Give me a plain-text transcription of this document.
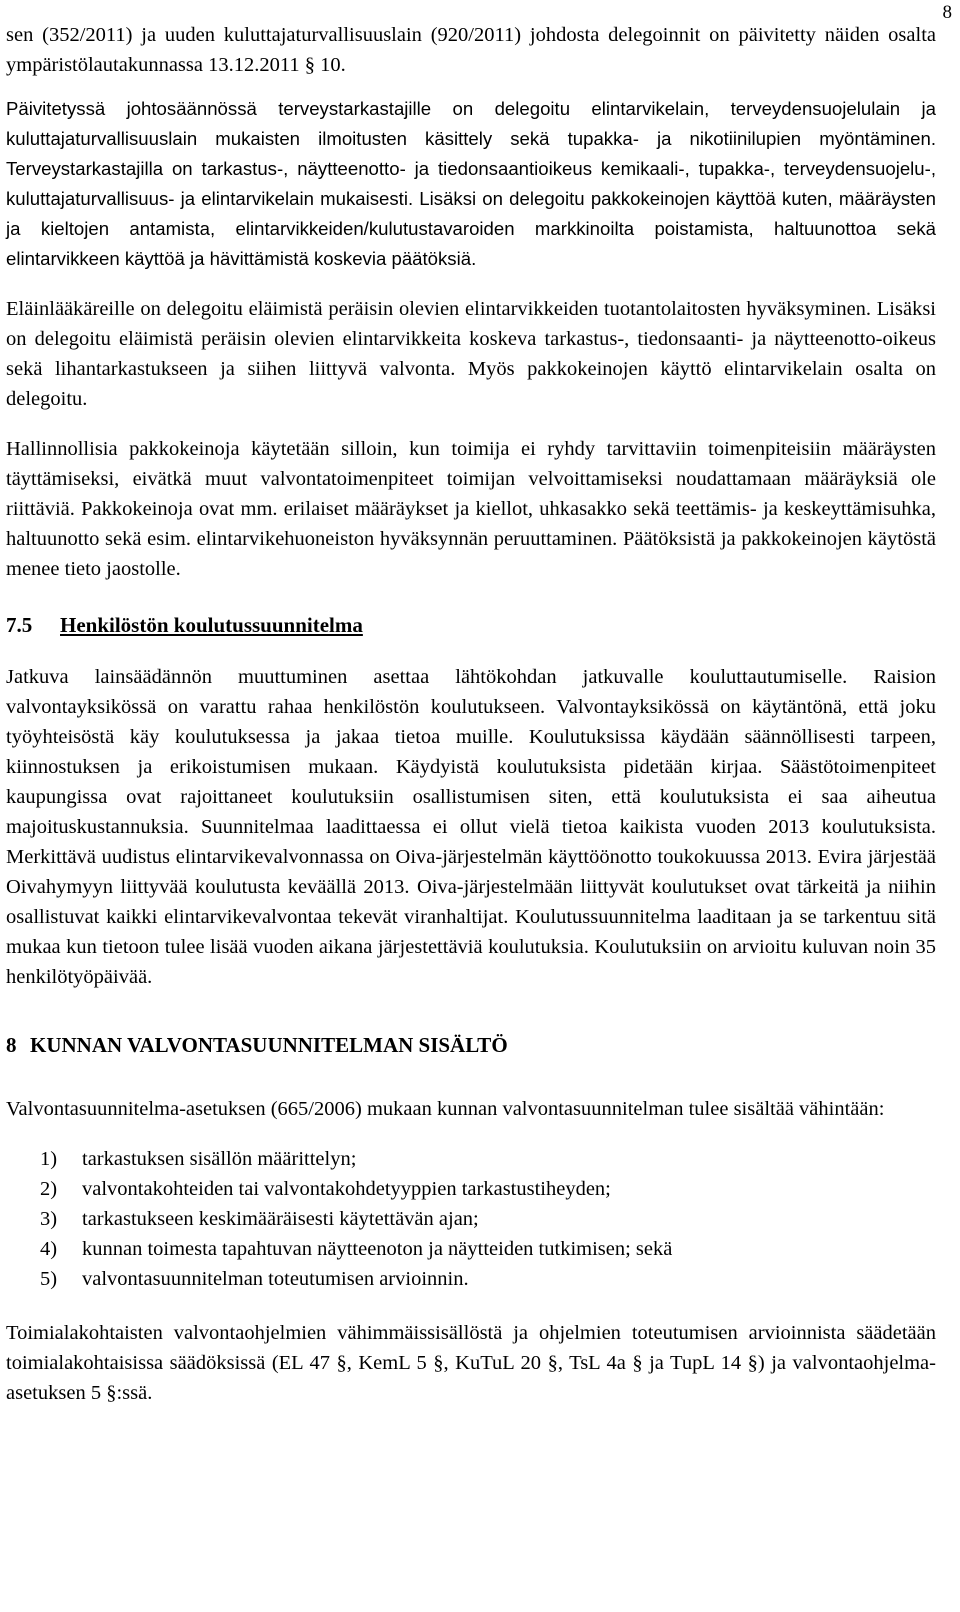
8

sen (352/2011) ja uuden kuluttajaturvallisuuslain (920/2011) johdosta delegoinnit on päivitetty näiden osalta ympäristölautakunnassa 13.12.2011 § 10.

Päivitetyssä johtosäännössä terveystarkastajille on delegoitu elintarvikelain, terveydensuojelulain ja kuluttajaturvallisuuslain mukaisten ilmoitusten käsittely sekä tupakka- ja nikotiinilupien myöntäminen. Terveystarkastajilla on tarkastus-, näytteenotto- ja tiedonsaantioikeus kemikaali-, tupakka-, terveydensuojelu-, kuluttajaturvallisuus- ja elintarvikelain mukaisesti. Lisäksi on delegoitu pakkokeinojen käyttöä kuten, määräysten ja kieltojen antamista, elintarvikkeiden/kulutustavaroiden markkinoilta poistamista, haltuunottoa sekä elintarvikkeen käyttöä ja hävittämistä koskevia päätöksiä.

Eläinlääkäreille on delegoitu eläimistä peräisin olevien elintarvikkeiden tuotantolaitosten hyväksyminen. Lisäksi on delegoitu eläimistä peräisin olevien elintarvikkeita koskeva tarkastus-, tiedonsaanti- ja näytteenotto-oikeus sekä lihantarkastukseen ja siihen liittyvä valvonta. Myös pakkokeinojen käyttö elintarvikelain osalta on delegoitu.

Hallinnollisia pakkokeinoja käytetään silloin, kun toimija ei ryhdy tarvittaviin toimenpiteisiin määräysten täyttämiseksi, eivätkä muut valvontatoimenpiteet toimijan velvoittamiseksi noudattamaan määräyksiä ole riittäviä. Pakkokeinoja ovat mm. erilaiset määräykset ja kiellot, uhkasakko sekä teettämis- ja keskeyttämisuhka, haltuunotto sekä esim. elintarvikehuoneiston hyväksynnän peruuttaminen. Päätöksistä ja pakkokeinojen käytöstä menee tieto jaostolle.

7.5 Henkilöstön koulutussuunnitelma

Jatkuva lainsäädännön muuttuminen asettaa lähtökohdan jatkuvalle kouluttautumiselle. Raision valvontayksikössä on varattu rahaa henkilöstön koulutukseen. Valvontayksikössä on käytäntönä, että joku työyhteisöstä käy koulutuksessa ja jakaa tietoa muille. Koulutuksissa käydään säännöllisesti tarpeen, kiinnostuksen ja erikoistumisen mukaan. Käydyistä koulutuksista pidetään kirjaa. Säästötoimenpiteet kaupungissa ovat rajoittaneet koulutuksiin osallistumisen siten, että koulutuksista ei saa aiheutua majoituskustannuksia. Suunnitelmaa laadittaessa ei ollut vielä tietoa kaikista vuoden 2013 koulutuksista. Merkittävä uudistus elintarvikevalvonnassa on Oiva-järjestelmän käyttöönotto toukokuussa 2013. Evira järjestää Oivahymyyn liittyvää koulutusta keväällä 2013. Oiva-järjestelmään liittyvät koulutukset ovat tärkeitä ja niihin osallistuvat kaikki elintarvikevalvontaa tekevät viranhaltijat. Koulutussuunnitelma laaditaan ja se tarkentuu sitä mukaa kun tietoon tulee lisää vuoden aikana järjestettäviä koulutuksia. Koulutuksiin on arvioitu kuluvan noin 35 henkilötyöpäivää.

8 KUNNAN VALVONTASUUNNITELMAN SISÄLTÖ

Valvontasuunnitelma-asetuksen (665/2006) mukaan kunnan valvontasuunnitelman tulee sisältää vähintään:

1)	tarkastuksen sisällön määrittelyn;
2)	valvontakohteiden tai valvontakohdetyyppien tarkastustiheyden;
3)	tarkastukseen keskimääräisesti käytettävän ajan;
4)	kunnan toimesta tapahtuvan näytteenoton ja näytteiden tutkimisen; sekä
5)	valvontasuunnitelman toteutumisen arvioinnin.

Toimialakohtaisten valvontaohjelmien vähimmäissisällöstä ja ohjelmien toteutumisen arvioinnista säädetään toimialakohtaisissa säädöksissä (EL 47 §, KemL 5 §, KuTuL 20 §, TsL 4a § ja TupL 14 §) ja valvontaohjelma-asetuksen 5 §:ssä.
